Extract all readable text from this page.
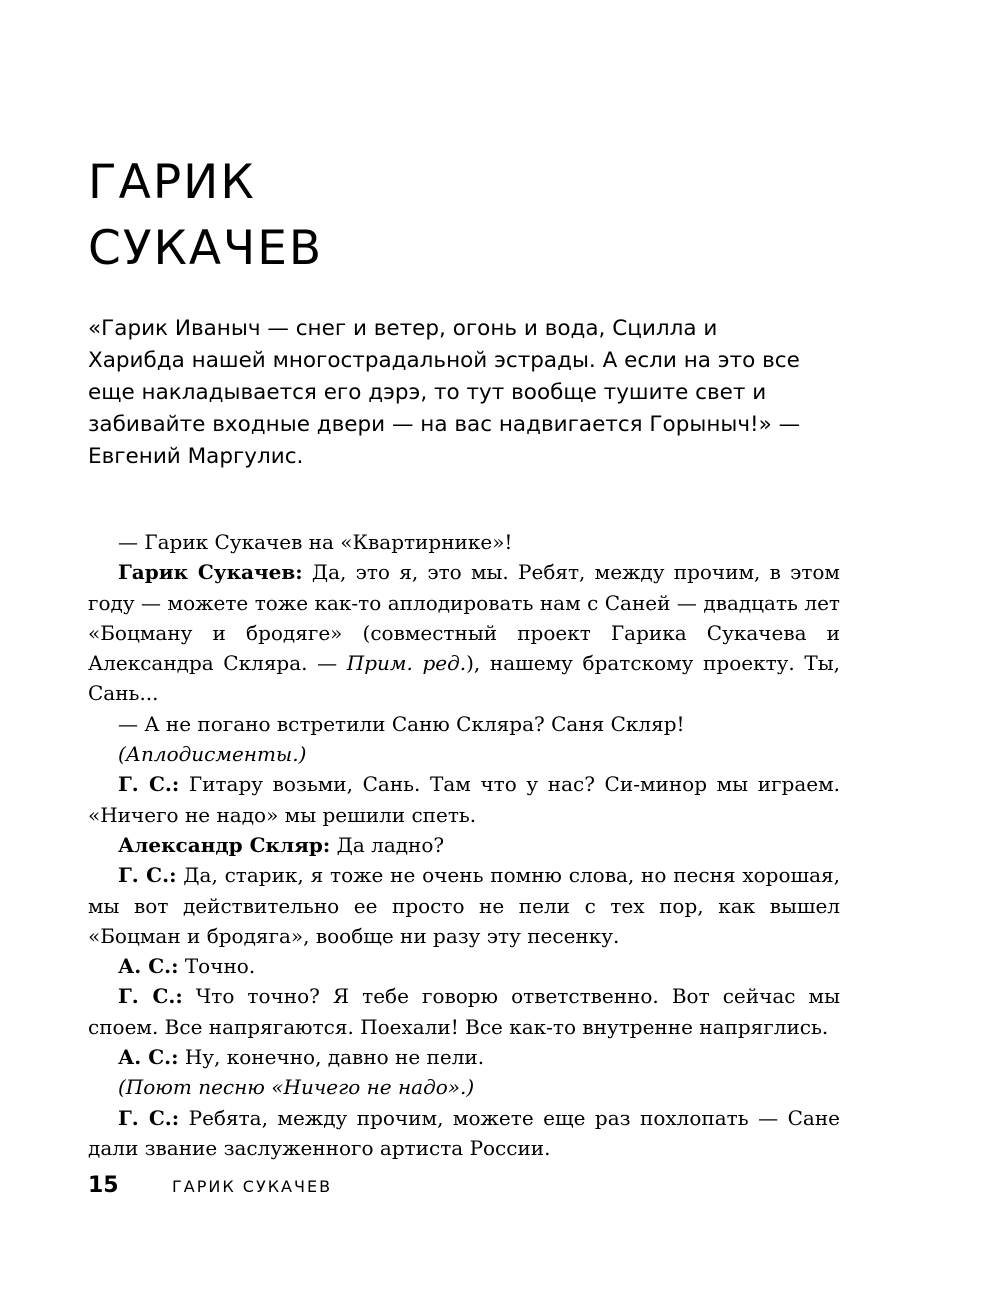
ГАРИК
СУКАЧЕВ

«Гарик Иваныч — снег и ветер, огонь и вода, Сцилла и Харибда нашей многострадальной эстрады. А если на это все еще накладывается его дэрэ, то тут вообще тушите свет и забивайте входные двери — на вас надвигается Горыныч!» — Евгений Маргулис.

— Гарик Сукачев на «Квартирнике»!

Гарик Сукачев: Да, это я, это мы. Ребят, между прочим, в этом году — можете тоже как-то аплодировать нам с Саней — двадцать лет «Боцману и бродяге» (совместный проект Гарика Сукачева и Александра Скляра. — Прим. ред.), нашему братскому проекту. Ты, Сань...

— А не погано встретили Саню Скляра? Саня Скляр!

(Аплодисменты.)

Г. С.: Гитару возьми, Сань. Там что у нас? Си-минор мы играем. «Ничего не надо» мы решили спеть.

Александр Скляр: Да ладно?

Г. С.: Да, старик, я тоже не очень помню слова, но песня хорошая, мы вот действительно ее просто не пели с тех пор, как вышел «Боцман и бродяга», вообще ни разу эту песенку.

А. С.: Точно.

Г. С.: Что точно? Я тебе говорю ответственно. Вот сейчас мы споем. Все напрягаются. Поехали! Все как-то внутренне напряглись.

А. С.: Ну, конечно, давно не пели.

(Поют песню «Ничего не надо».)

Г. С.: Ребята, между прочим, можете еще раз похлопать — Сане дали звание заслуженного артиста России.

15	ГАРИК СУКАЧЕВ
